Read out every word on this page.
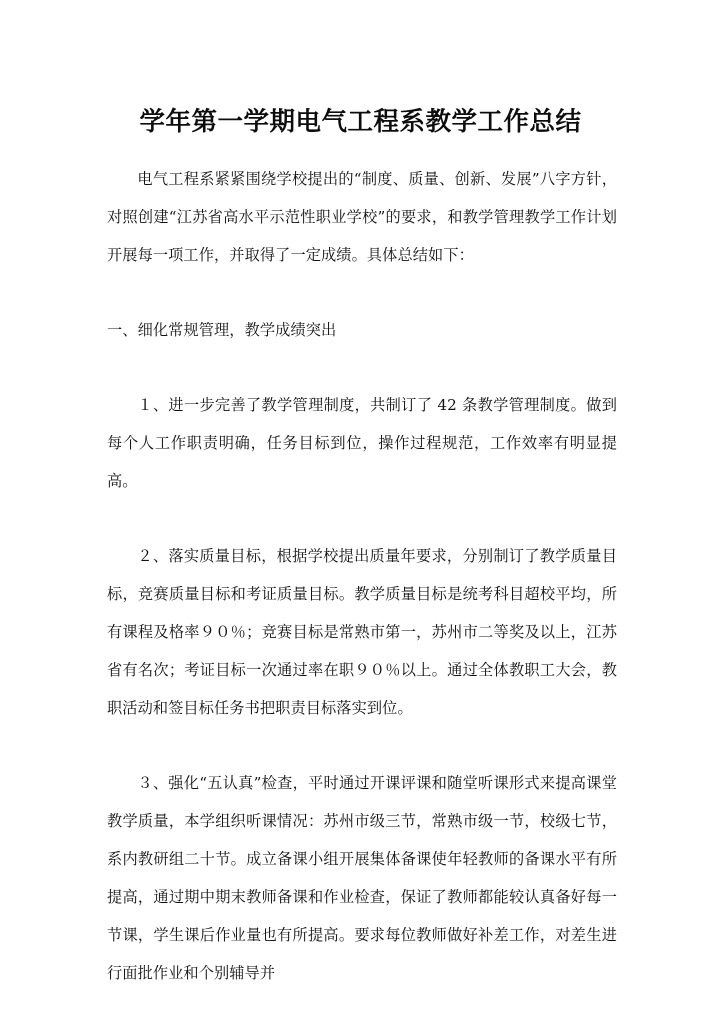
学年第一学期电气工程系教学工作总结

电气工程系紧紧围绕学校提出的“制度、质量、创新、发展”八字方针，对照创建“江苏省高水平示范性职业学校”的要求，和教学管理教学工作计划开展每一项工作，并取得了一定成绩。具体总结如下：

一、细化常规管理，教学成绩突出

１、进一步完善了教学管理制度，共制订了 42 条教学管理制度。做到每个人工作职责明确，任务目标到位，操作过程规范，工作效率有明显提高。

２、落实质量目标，根据学校提出质量年要求，分别制订了教学质量目标，竞赛质量目标和考证质量目标。教学质量目标是统考科目超校平均，所有课程及格率９０％；竞赛目标是常熟市第一，苏州市二等奖及以上，江苏省有名次；考证目标一次通过率在职９０％以上。通过全体教职工大会，教职活动和签目标任务书把职责目标落实到位。

３、强化“五认真”检查，平时通过开课评课和随堂听课形式来提高课堂教学质量，本学组织听课情况：苏州市级三节，常熟市级一节，校级七节，系内教研组二十节。成立备课小组开展集体备课使年轻教师的备课水平有所提高，通过期中期末教师备课和作业检查，保证了教师都能较认真备好每一节课，学生课后作业量也有所提高。要求每位教师做好补差工作，对差生进行面批作业和个别辅导并
